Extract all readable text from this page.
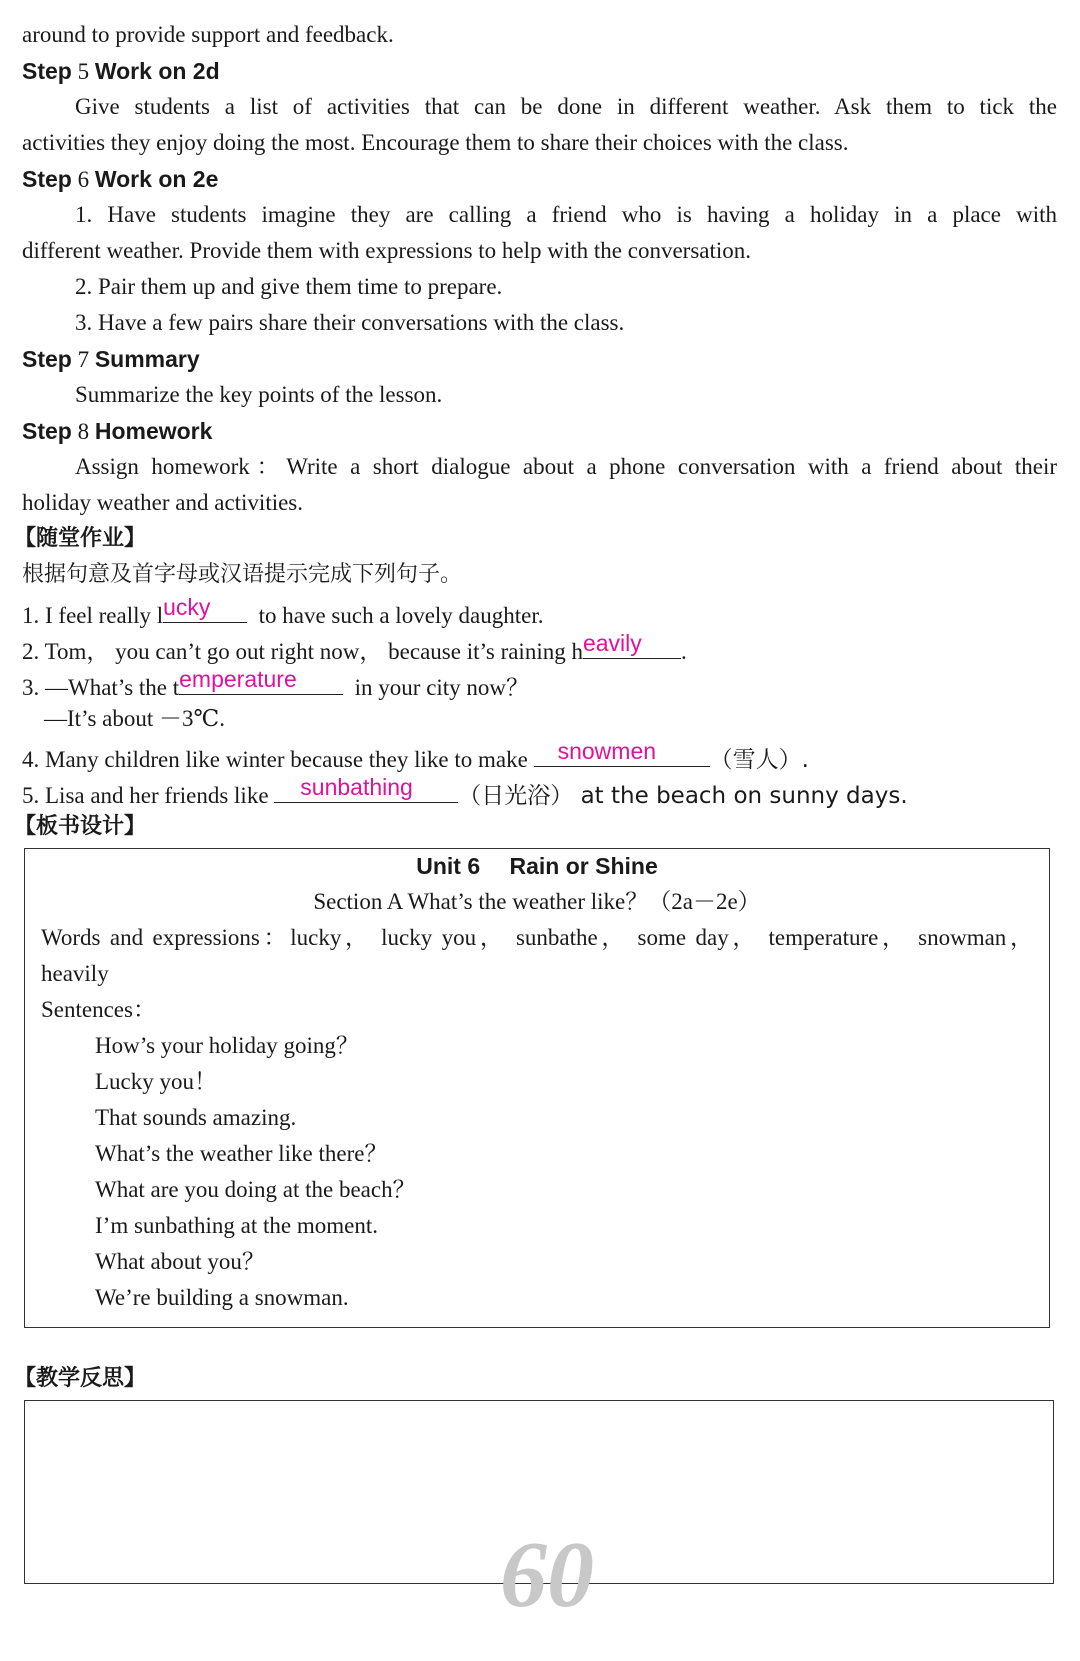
around to provide support and feedback.
Step 5 Work on 2d
Give students a list of activities that can be done in different weather. Ask them to tick the
activities they enjoy doing the most. Encourage them to share their choices with the class.
Step 6 Work on 2e
1. Have students imagine they are calling a friend who is having a holiday in a place with
different weather. Provide them with expressions to help with the conversation.
2. Pair them up and give them time to prepare.
3. Have a few pairs share their conversations with the class.
Step 7 Summary
Summarize the key points of the lesson.
Step 8 Homework
Assign homework：Write a short dialogue about a phone conversation with a friend about their
holiday weather and activities.
【随堂作业】
根据句意及首字母或汉语提示完成下列句子。
1. I feel really l ucky to have such a lovely daughter.
2. Tom， you can’t go out right now， because it’s raining h eavily .
3. —What’s the t emperature	in your city now？
—It’s about －3℃.
4. Many children like winter because they like to make snowmen （雪人）.
5. Lisa and her friends like sunbathing （日光浴） at the beach on sunny days.
【板书设计】
Unit 6  Rain or Shine
Section A What’s the weather like？（2a－2e）
Words and expressions：lucky， lucky you， sunbathe， some day， temperature， snowman，
heavily
Sentences：
How’s your holiday going？
Lucky you！
That sounds amazing.
What’s the weather like there？
What are you doing at the beach？
I’m sunbathing at the moment.
What about you？
We’re building a snowman.
【教学反思】
60
